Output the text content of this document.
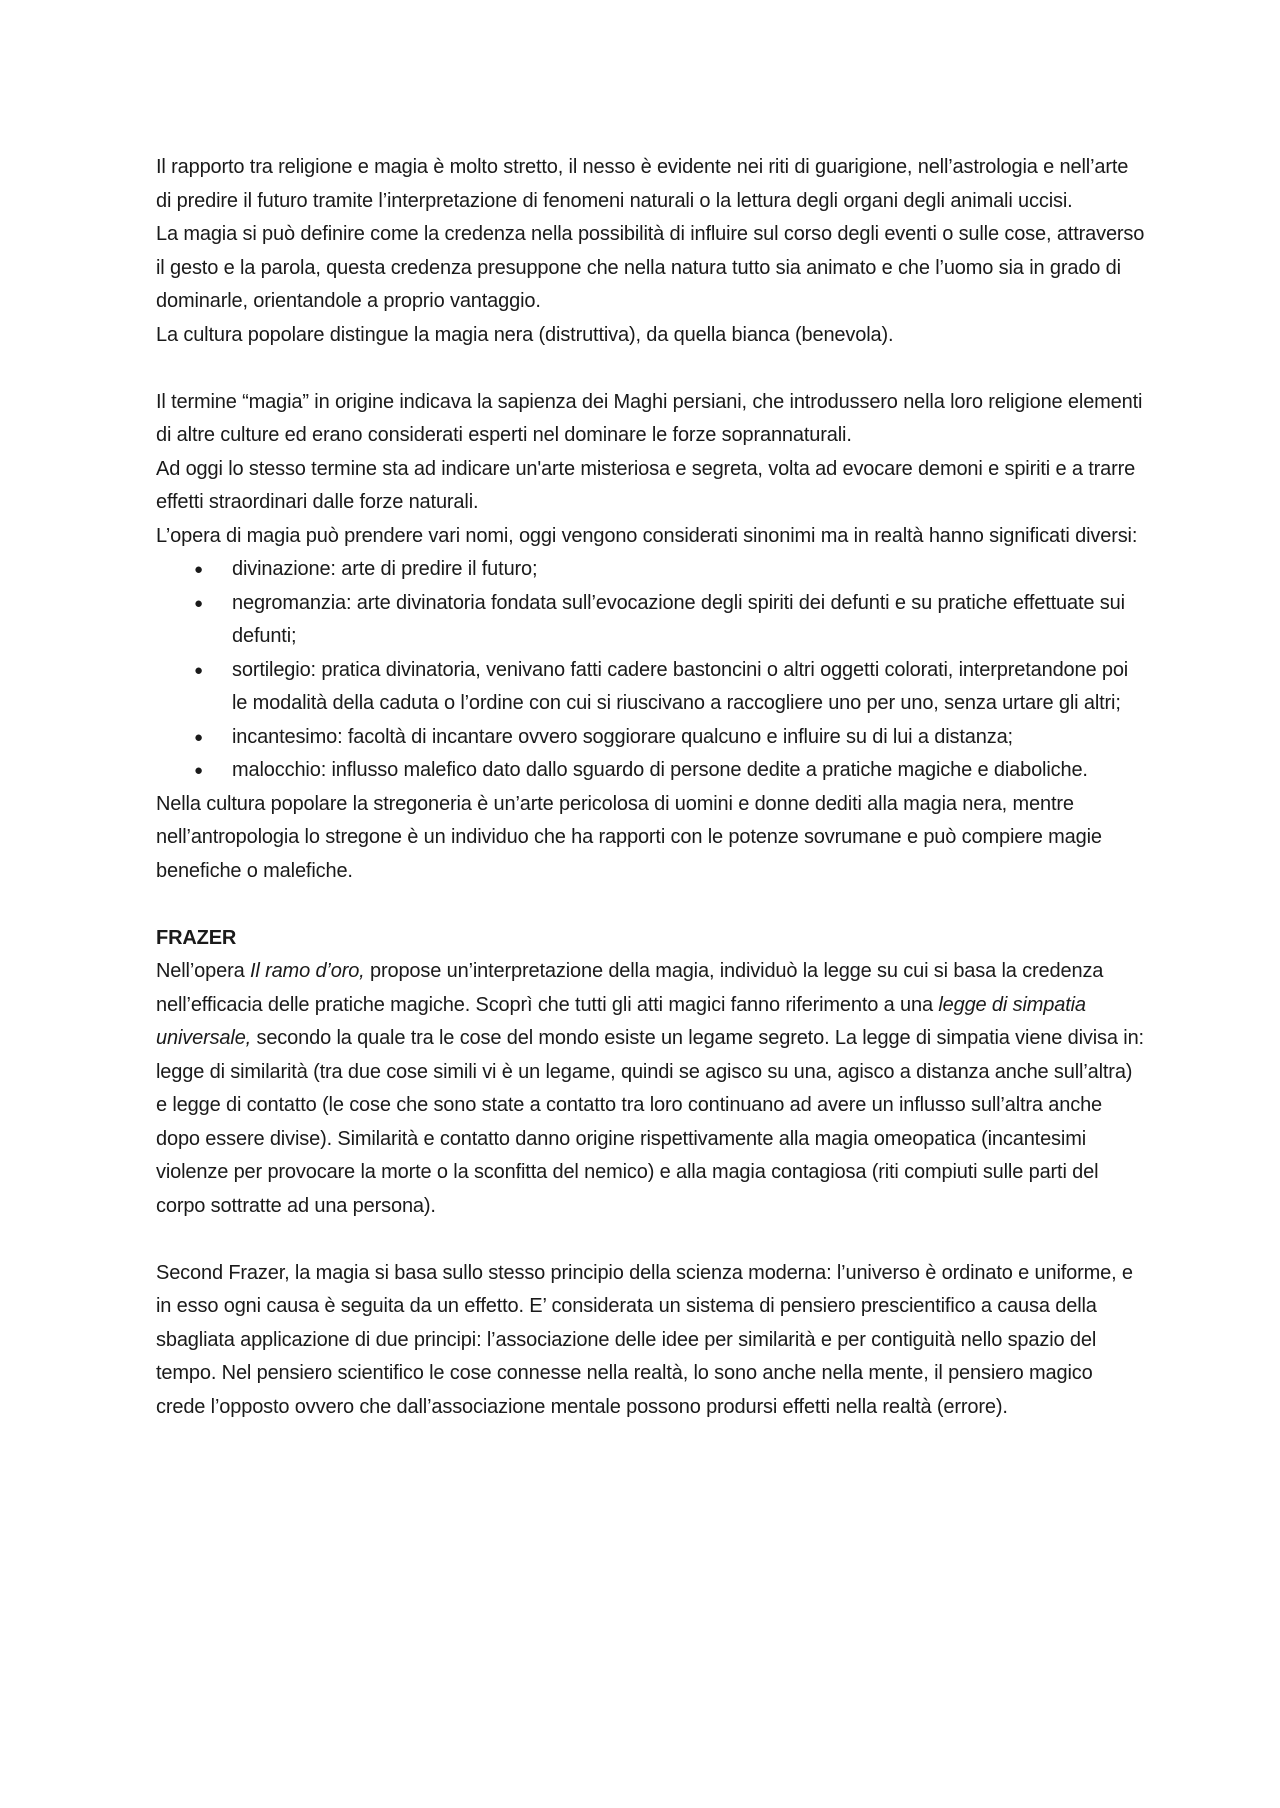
Il rapporto tra religione e magia è molto stretto, il nesso è evidente nei riti di guarigione, nell’astrologia e nell’arte di predire il futuro tramite l’interpretazione di fenomeni naturali o la lettura degli organi degli animali uccisi.

La magia si può definire come la credenza nella possibilità di influire sul corso degli eventi o sulle cose, attraverso il gesto e la parola, questa credenza presuppone che nella natura tutto sia animato e che l’uomo sia in grado di dominarle, orientandole a proprio vantaggio.

La cultura popolare distingue la magia nera (distruttiva), da quella bianca (benevola).

Il termine “magia” in origine indicava la sapienza dei Maghi persiani, che introdussero nella loro religione elementi di altre culture ed erano considerati esperti nel dominare le forze soprannaturali.

Ad oggi lo stesso termine sta ad indicare un'arte misteriosa e segreta, volta ad evocare demoni e spiriti e a trarre effetti straordinari dalle forze naturali.

L’opera di magia può prendere vari nomi, oggi vengono considerati sinonimi ma in realtà hanno significati diversi:

● divinazione: arte di predire il futuro;
● negromanzia: arte divinatoria fondata sull’evocazione degli spiriti dei defunti e su pratiche effettuate sui defunti;
● sortilegio: pratica divinatoria, venivano fatti cadere bastoncini o altri oggetti colorati, interpretandone poi le modalità della caduta o l’ordine con cui si riuscivano a raccogliere uno per uno, senza urtare gli altri;
● incantesimo: facoltà di incantare ovvero soggiorare qualcuno e influire su di lui a distanza;
● malocchio: influsso malefico dato dallo sguardo di persone dedite a pratiche magiche e diaboliche.

Nella cultura popolare la stregoneria è un’arte pericolosa di uomini e donne dediti alla magia nera, mentre nell’antropologia lo stregone è un individuo che ha rapporti con le potenze sovrumane e può compiere magie benefiche o malefiche.

FRAZER

Nell’opera Il ramo d’oro, propose un’interpretazione della magia, individuò la legge su cui si basa la credenza nell’efficacia delle pratiche magiche. Scoprì che tutti gli atti magici fanno riferimento a una legge di simpatia universale, secondo la quale tra le cose del mondo esiste un legame segreto. La legge di simpatia viene divisa in: legge di similarità (tra due cose simili vi è un legame, quindi se agisco su una, agisco a distanza anche sull’altra) e legge di contatto (le cose che sono state a contatto tra loro continuano ad avere un influsso sull’altra anche dopo essere divise). Similarità e contatto danno origine rispettivamente alla magia omeopatica (incantesimi violenze per provocare la morte o la sconfitta del nemico) e alla magia contagiosa (riti compiuti sulle parti del corpo sottratte ad una persona).

Second Frazer, la magia si basa sullo stesso principio della scienza moderna: l’universo è ordinato e uniforme, e in esso ogni causa è seguita da un effetto. E’ considerata un sistema di pensiero prescientifico a causa della sbagliata applicazione di due principi: l’associazione delle idee per similarità e per contiguità nello spazio del tempo. Nel pensiero scientifico le cose connesse nella realtà, lo sono anche nella mente, il pensiero magico crede l’opposto ovvero che dall’associazione mentale possono prodursi effetti nella realtà (errore).
